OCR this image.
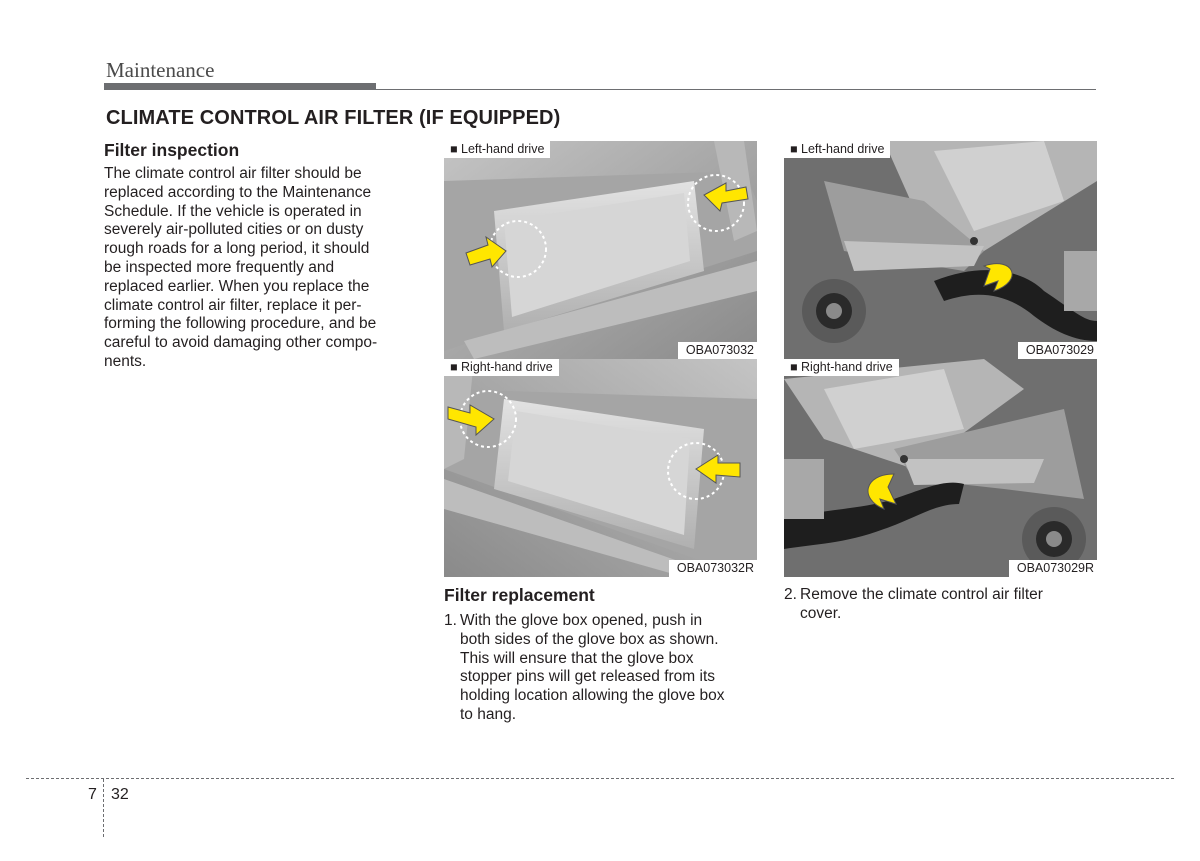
Maintenance
CLIMATE CONTROL AIR FILTER (IF EQUIPPED)
Filter inspection
The climate control air filter should be
replaced according to the Maintenance
Schedule. If the vehicle is operated in
severely air-polluted cities or on dusty
rough roads for a long period, it should
be inspected more frequently and
replaced earlier. When you replace the
climate control air filter, replace it per-
forming the following procedure, and be
careful to avoid damaging other compo-
nents.
■ Left-hand drive
OBA073032
■ Left-hand drive
OBA073029
■ Right-hand drive
OBA073032R
■ Right-hand drive
OBA073029R
Filter replacement
1. With the glove box opened, push in
both sides of the glove box as shown.
This will ensure that the glove box
stopper pins will get released from its
holding location allowing the glove box
to hang.
2. Remove the climate control air filter
cover.
7 32
